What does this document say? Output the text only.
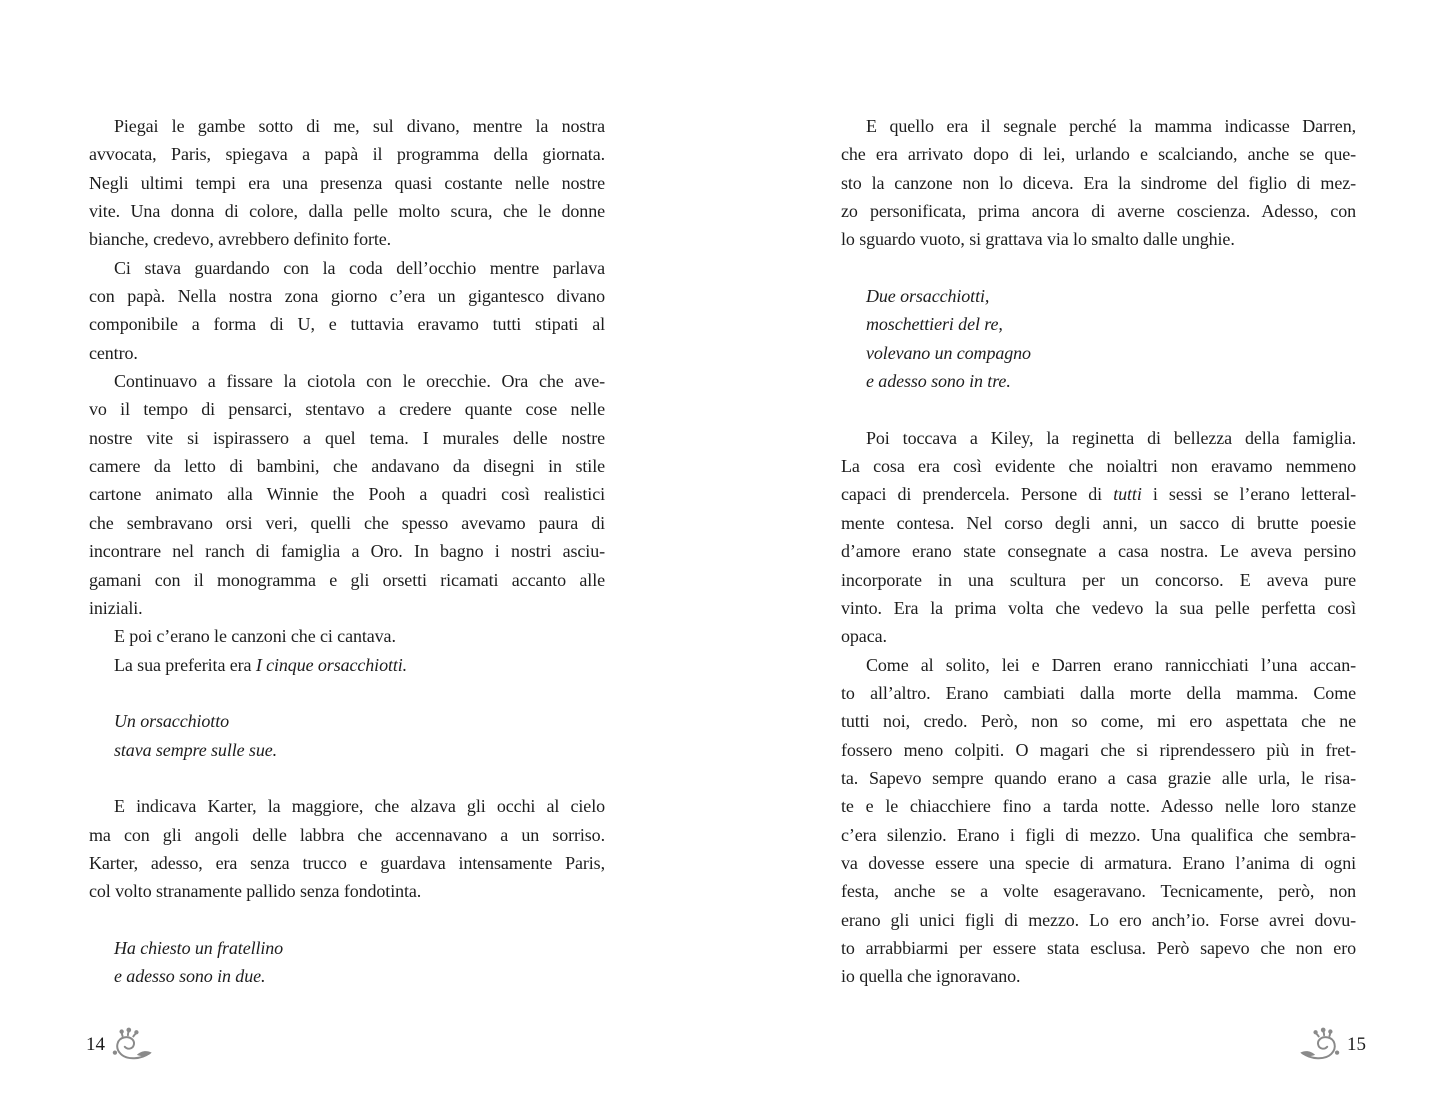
Piegai le gambe sotto di me, sul divano, mentre la nostra
avvocata, Paris, spiegava a papà il programma della giornata.
Negli ultimi tempi era una presenza quasi costante nelle nostre
vite. Una donna di colore, dalla pelle molto scura, che le donne
bianche, credevo, avrebbero definito forte.
Ci stava guardando con la coda dell’occhio mentre parlava
con papà. Nella nostra zona giorno c’era un gigantesco divano
componibile a forma di U, e tuttavia eravamo tutti stipati al
centro.
Continuavo a fissare la ciotola con le orecchie. Ora che ave-
vo il tempo di pensarci, stentavo a credere quante cose nelle
nostre vite si ispirassero a quel tema. I murales delle nostre
camere da letto di bambini, che andavano da disegni in stile
cartone animato alla Winnie the Pooh a quadri così realistici
che sembravano orsi veri, quelli che spesso avevamo paura di
incontrare nel ranch di famiglia a Oro. In bagno i nostri asciu-
gamani con il monogramma e gli orsetti ricamati accanto alle
iniziali.
E poi c’erano le canzoni che ci cantava.
La sua preferita era I cinque orsacchiotti.
Un orsacchiotto
stava sempre sulle sue.
E indicava Karter, la maggiore, che alzava gli occhi al cielo
ma con gli angoli delle labbra che accennavano a un sorriso.
Karter, adesso, era senza trucco e guardava intensamente Paris,
col volto stranamente pallido senza fondotinta.
Ha chiesto un fratellino
e adesso sono in due.
E quello era il segnale perché la mamma indicasse Darren,
che era arrivato dopo di lei, urlando e scalciando, anche se que-
sto la canzone non lo diceva. Era la sindrome del figlio di mez-
zo personificata, prima ancora di averne coscienza. Adesso, con
lo sguardo vuoto, si grattava via lo smalto dalle unghie.
Due orsacchiotti,
moschettieri del re,
volevano un compagno
e adesso sono in tre.
Poi toccava a Kiley, la reginetta di bellezza della famiglia.
La cosa era così evidente che noialtri non eravamo nemmeno
capaci di prendercela. Persone di tutti i sessi se l’erano letteral-
mente contesa. Nel corso degli anni, un sacco di brutte poesie
d’amore erano state consegnate a casa nostra. Le aveva persino
incorporate in una scultura per un concorso. E aveva pure
vinto. Era la prima volta che vedevo la sua pelle perfetta così
opaca.
Come al solito, lei e Darren erano rannicchiati l’una accan-
to all’altro. Erano cambiati dalla morte della mamma. Come
tutti noi, credo. Però, non so come, mi ero aspettata che ne
fossero meno colpiti. O magari che si riprendessero più in fret-
ta. Sapevo sempre quando erano a casa grazie alle urla, le risa-
te e le chiacchiere fino a tarda notte. Adesso nelle loro stanze
c’era silenzio. Erano i figli di mezzo. Una qualifica che sembra-
va dovesse essere una specie di armatura. Erano l’anima di ogni
festa, anche se a volte esageravano. Tecnicamente, però, non
erano gli unici figli di mezzo. Lo ero anch’io. Forse avrei dovu-
to arrabbiarmi per essere stata esclusa. Però sapevo che non ero
io quella che ignoravano.
14	15
